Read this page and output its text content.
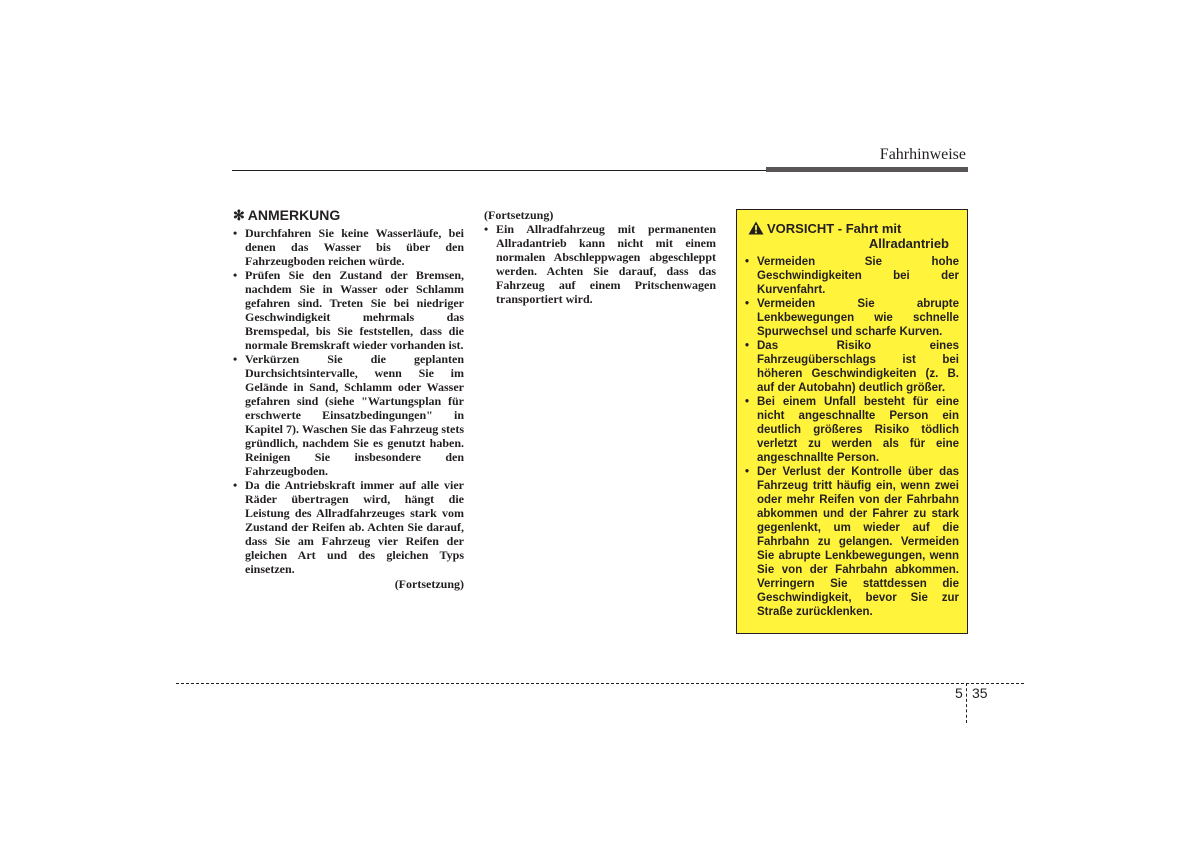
Fahrhinweise
✻ ANMERKUNG
• Durchfahren Sie keine Wasserläufe, bei denen das Wasser bis über den Fahrzeugboden reichen würde.
• Prüfen Sie den Zustand der Bremsen, nachdem Sie in Wasser oder Schlamm gefahren sind. Treten Sie bei niedriger Geschwindigkeit mehrmals das Bremspedal, bis Sie feststellen, dass die normale Bremskraft wieder vorhanden ist.
• Verkürzen Sie die geplanten Durchsichtsintervalle, wenn Sie im Gelände in Sand, Schlamm oder Wasser gefahren sind (siehe "Wartungsplan für erschwerte Einsatzbedingungen" in Kapitel 7). Waschen Sie das Fahrzeug stets gründlich, nachdem Sie es genutzt haben. Reinigen Sie insbesondere den Fahrzeugboden.
• Da die Antriebskraft immer auf alle vier Räder übertragen wird, hängt die Leistung des Allradfahrzeuges stark vom Zustand der Reifen ab. Achten Sie darauf, dass Sie am Fahrzeug vier Reifen der gleichen Art und des gleichen Typs einsetzen.
(Fortsetzung)
(Fortsetzung)
• Ein Allradfahrzeug mit permanenten Allradantrieb kann nicht mit einem normalen Abschleppwagen abgeschleppt werden. Achten Sie darauf, dass das Fahrzeug auf einem Pritschenwagen transportiert wird.
VORSICHT - Fahrt mit
Allradantrieb
• Vermeiden Sie hohe Geschwindigkeiten bei der Kurvenfahrt.
• Vermeiden Sie abrupte Lenkbewegungen wie schnelle Spurwechsel und scharfe Kurven.
• Das Risiko eines Fahrzeugüberschlags ist bei höheren Geschwindigkeiten (z. B. auf der Autobahn) deutlich größer.
• Bei einem Unfall besteht für eine nicht angeschnallte Person ein deutlich größeres Risiko tödlich verletzt zu werden als für eine angeschnallte Person.
• Der Verlust der Kontrolle über das Fahrzeug tritt häufig ein, wenn zwei oder mehr Reifen von der Fahrbahn abkommen und der Fahrer zu stark gegenlenkt, um wieder auf die Fahrbahn zu gelangen. Vermeiden Sie abrupte Lenkbewegungen, wenn Sie von der Fahrbahn abkommen. Verringern Sie stattdessen die Geschwindigkeit, bevor Sie zur Straße zurücklenken.
5 35
